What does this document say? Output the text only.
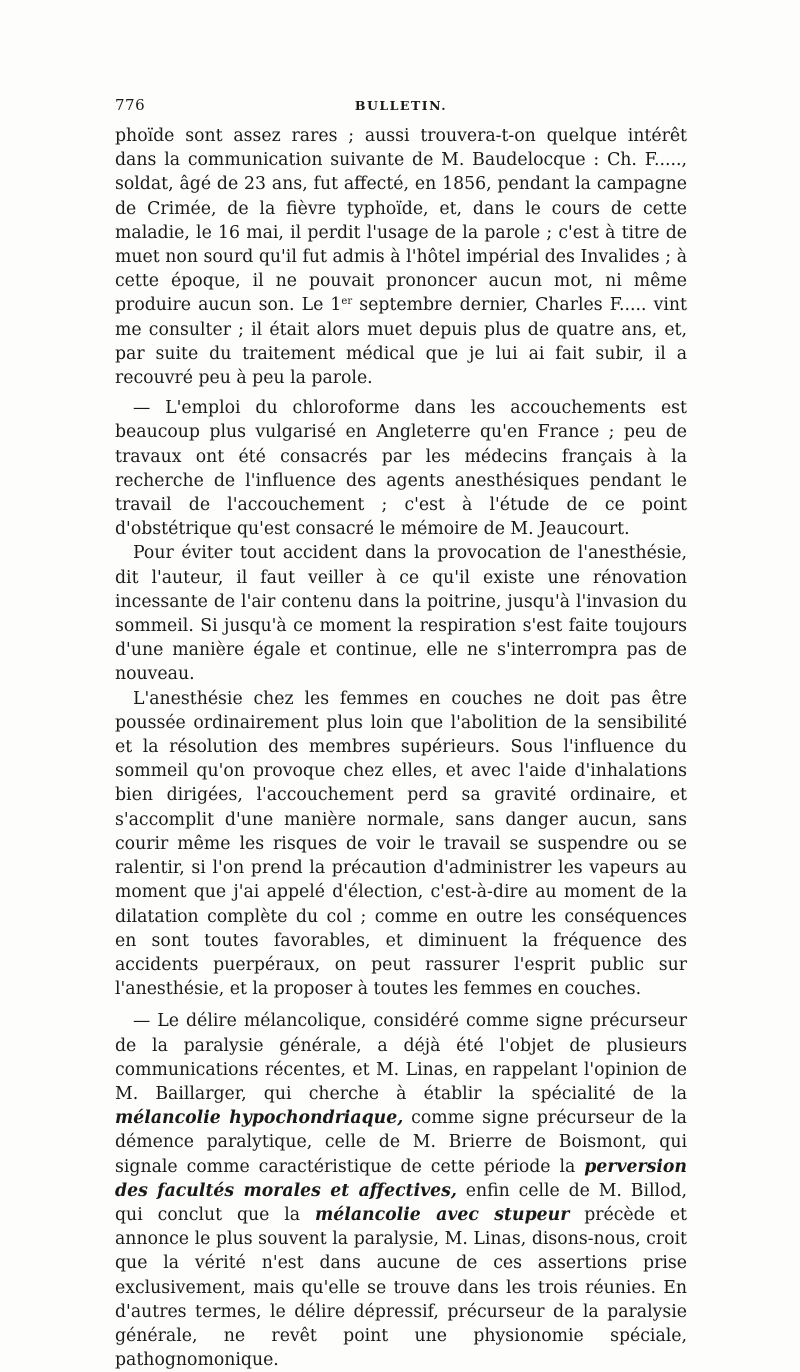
776	BULLETIN.

phoïde sont assez rares ; aussi trouvera-t-on quelque intérêt dans la communication suivante de M. Baudelocque : Ch. F....., soldat, âgé de 23 ans, fut affecté, en 1856, pendant la campagne de Crimée, de la fièvre typhoïde, et, dans le cours de cette maladie, le 16 mai, il perdit l'usage de la parole ; c'est à titre de muet non sourd qu'il fut admis à l'hôtel impérial des Invalides ; à cette époque, il ne pouvait prononcer aucun mot, ni même produire aucun son. Le 1er septembre dernier, Charles F..... vint me consulter ; il était alors muet depuis plus de quatre ans, et, par suite du traitement médical que je lui ai fait subir, il a recouvré peu à peu la parole.

— L'emploi du chloroforme dans les accouchements est beaucoup plus vulgarisé en Angleterre qu'en France ; peu de travaux ont été consacrés par les médecins français à la recherche de l'influence des agents anesthésiques pendant le travail de l'accouchement ; c'est à l'étude de ce point d'obstétrique qu'est consacré le mémoire de M. Jeaucourt.

Pour éviter tout accident dans la provocation de l'anesthésie, dit l'auteur, il faut veiller à ce qu'il existe une rénovation incessante de l'air contenu dans la poitrine, jusqu'à l'invasion du sommeil. Si jusqu'à ce moment la respiration s'est faite toujours d'une manière égale et continue, elle ne s'interrompra pas de nouveau.

L'anesthésie chez les femmes en couches ne doit pas être poussée ordinairement plus loin que l'abolition de la sensibilité et la résolution des membres supérieurs. Sous l'influence du sommeil qu'on provoque chez elles, et avec l'aide d'inhalations bien dirigées, l'accouchement perd sa gravité ordinaire, et s'accomplit d'une manière normale, sans danger aucun, sans courir même les risques de voir le travail se suspendre ou se ralentir, si l'on prend la précaution d'administrer les vapeurs au moment que j'ai appelé d'élection, c'est-à-dire au moment de la dilatation complète du col ; comme en outre les conséquences en sont toutes favorables, et diminuent la fréquence des accidents puerpéraux, on peut rassurer l'esprit public sur l'anesthésie, et la proposer à toutes les femmes en couches.

— Le délire mélancolique, considéré comme signe précurseur de la paralysie générale, a déjà été l'objet de plusieurs communications récentes, et M. Linas, en rappelant l'opinion de M. Baillarger, qui cherche à établir la spécialité de la mélancolie hypochondriaque, comme signe précurseur de la démence paralytique, celle de M. Brierre de Boismont, qui signale comme caractéristique de cette période la perversion des facultés morales et affectives, enfin celle de M. Billod, qui conclut que la mélancolie avec stupeur précède et annonce le plus souvent la paralysie, M. Linas, disons-nous, croit que la vérité n'est dans aucune de ces assertions prise exclusivement, mais qu'elle se trouve dans les trois réunies. En d'autres termes, le délire dépressif, précurseur de la paralysie générale, ne revêt point une physionomie spéciale, pathognomonique.
